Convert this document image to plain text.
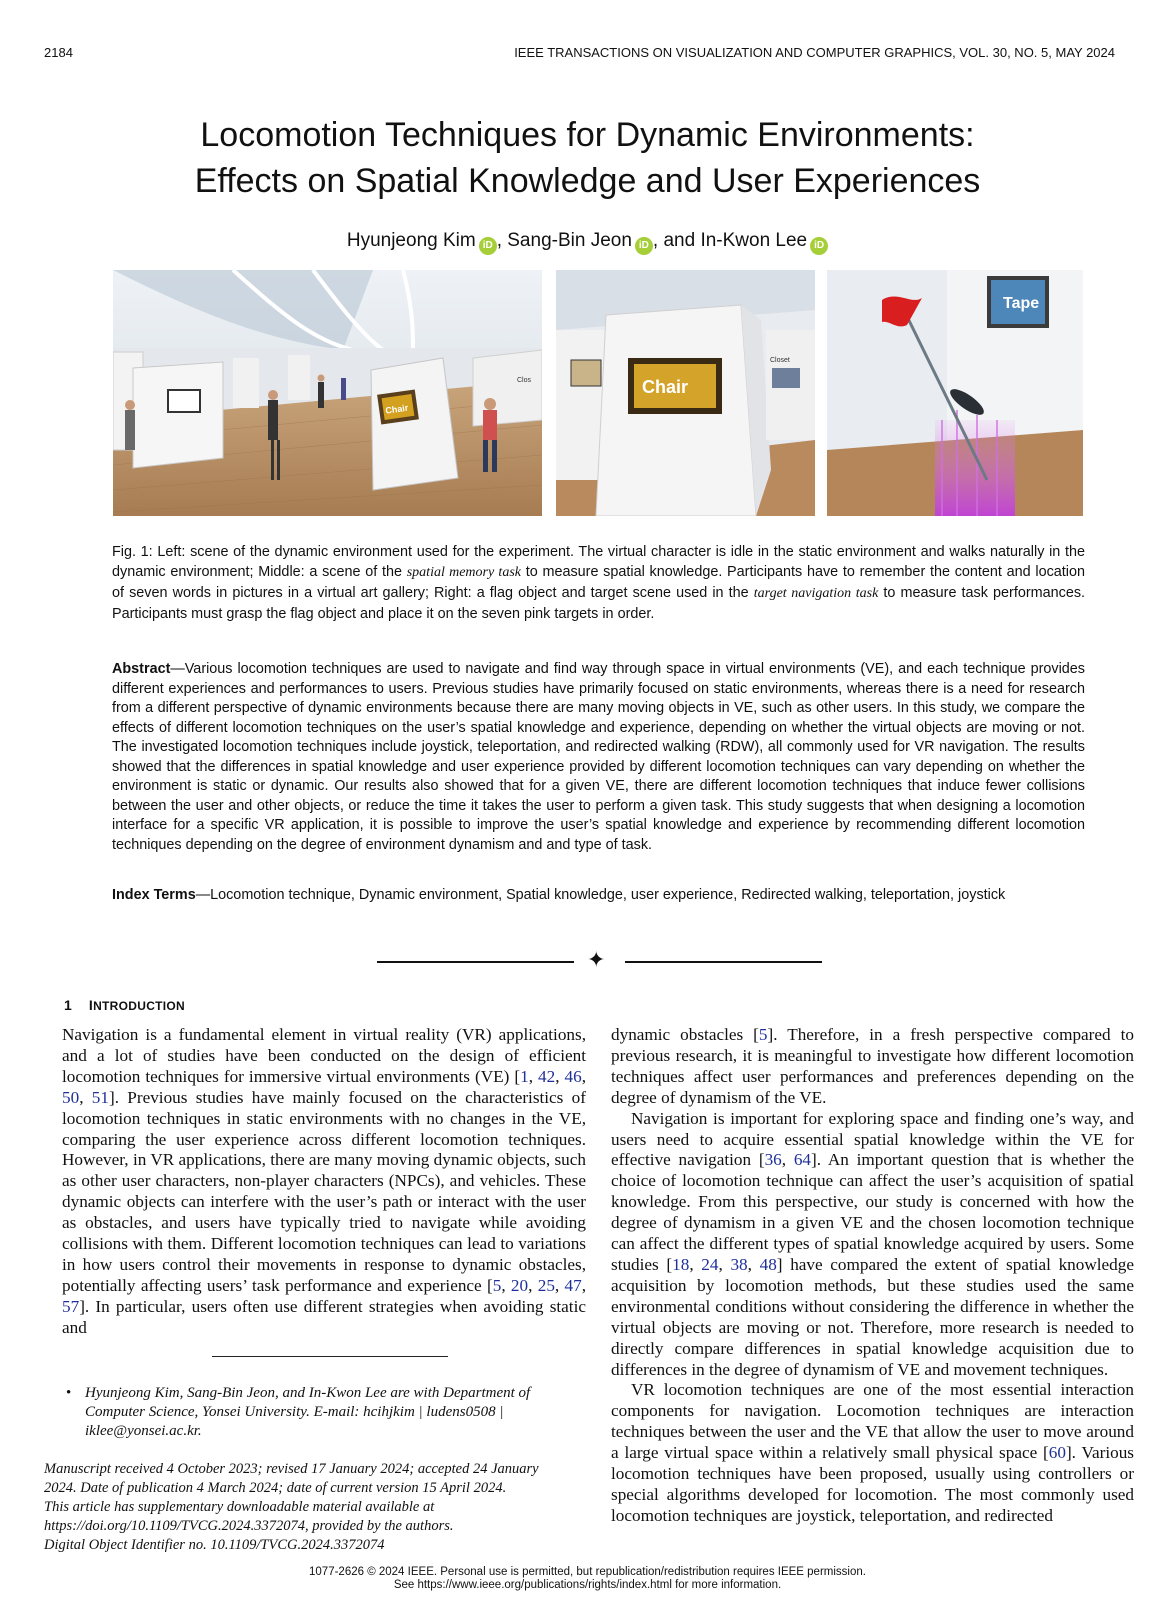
2184	IEEE TRANSACTIONS ON VISUALIZATION AND COMPUTER GRAPHICS, VOL. 30, NO. 5, MAY 2024
Locomotion Techniques for Dynamic Environments:
Effects on Spatial Knowledge and User Experiences
Hyunjeong Kim iD , Sang-Bin Jeon iD , and In-Kwon Lee iD
Chair
Clos	Chair
Closet
Tape
Fig. 1: Left: scene of the dynamic environment used for the experiment. The virtual character is idle in the static environment and walks naturally in the dynamic environment; Middle: a scene of the spatial memory task to measure spatial knowledge. Participants have to remember the content and location of seven words in pictures in a virtual art gallery; Right: a flag object and target scene used in the target navigation task to measure task performances. Participants must grasp the flag object and place it on the seven pink targets in order.
Abstract—Various locomotion techniques are used to navigate and find way through space in virtual environments (VE), and each technique provides different experiences and performances to users. Previous studies have primarily focused on static environments, whereas there is a need for research from a different perspective of dynamic environments because there are many moving objects in VE, such as other users. In this study, we compare the effects of different locomotion techniques on the user’s spatial knowledge and experience, depending on whether the virtual objects are moving or not. The investigated locomotion techniques include joystick, teleportation, and redirected walking (RDW), all commonly used for VR navigation. The results showed that the differences in spatial knowledge and user experience provided by different locomotion techniques can vary depending on whether the environment is static or dynamic. Our results also showed that for a given VE, there are different locomotion techniques that induce fewer collisions between the user and other objects, or reduce the time it takes the user to perform a given task. This study suggests that when designing a locomotion interface for a specific VR application, it is possible to improve the user’s spatial knowledge and experience by recommending different locomotion techniques depending on the degree of environment dynamism and and type of task.
Index Terms—Locomotion technique, Dynamic environment, Spatial knowledge, user experience, Redirected walking, teleportation, joystick
✦
1 INTRODUCTION

Navigation is a fundamental element in virtual reality (VR) applications, and a lot of studies have been conducted on the design of efficient locomotion techniques for immersive virtual environments (VE) [1, 42, 46, 50, 51]. Previous studies have mainly focused on the characteristics of locomotion techniques in static environments with no changes in the VE, comparing the user experience across different locomotion techniques. However, in VR applications, there are many moving dynamic objects, such as other user characters, non-player characters (NPCs), and vehicles. These dynamic objects can interfere with the user’s path or interact with the user as obstacles, and users have typically tried to navigate while avoiding collisions with them. Different locomotion techniques can lead to variations in how users control their movements in response to dynamic obstacles, potentially affecting users’ task performance and experience [5, 20, 25, 47, 57]. In particular, users often use different strategies when avoiding static and

dynamic obstacles [5]. Therefore, in a fresh perspective compared to previous research, it is meaningful to investigate how different locomotion techniques affect user performances and preferences depending on the degree of dynamism of the VE.

Navigation is important for exploring space and finding one’s way, and users need to acquire essential spatial knowledge within the VE for effective navigation [36, 64]. An important question that is whether the choice of locomotion technique can affect the user’s acquisition of spatial knowledge. From this perspective, our study is concerned with how the degree of dynamism in a given VE and the chosen locomotion technique can affect the different types of spatial knowledge acquired by users. Some studies [18, 24, 38, 48] have compared the extent of spatial knowledge acquisition by locomotion methods, but these studies used the same environmental conditions without considering the difference in whether the virtual objects are moving or not. Therefore, more research is needed to directly compare differences in spatial knowledge acquisition due to differences in the degree of dynamism of VE and movement techniques.

VR locomotion techniques are one of the most essential interaction components for navigation. Locomotion techniques are interaction techniques between the user and the VE that allow the user to move around a large virtual space within a relatively small physical space [60]. Various locomotion techniques have been proposed, usually using controllers or special algorithms developed for locomotion. The most commonly used locomotion techniques are joystick, teleportation, and redirected

• Hyunjeong Kim, Sang-Bin Jeon, and In-Kwon Lee are with Department of Computer Science, Yonsei University. E-mail: hcihjkim | ludens0508 | iklee@yonsei.ac.kr.
Manuscript received 4 October 2023; revised 17 January 2024; accepted 24 January
2024. Date of publication 4 March 2024; date of current version 15 April 2024.
This article has supplementary downloadable material available at
https://doi.org/10.1109/TVCG.2024.3372074, provided by the authors.
Digital Object Identifier no. 10.1109/TVCG.2024.3372074
1077-2626 © 2024 IEEE. Personal use is permitted, but republication/redistribution requires IEEE permission.
See https://www.ieee.org/publications/rights/index.html for more information.
